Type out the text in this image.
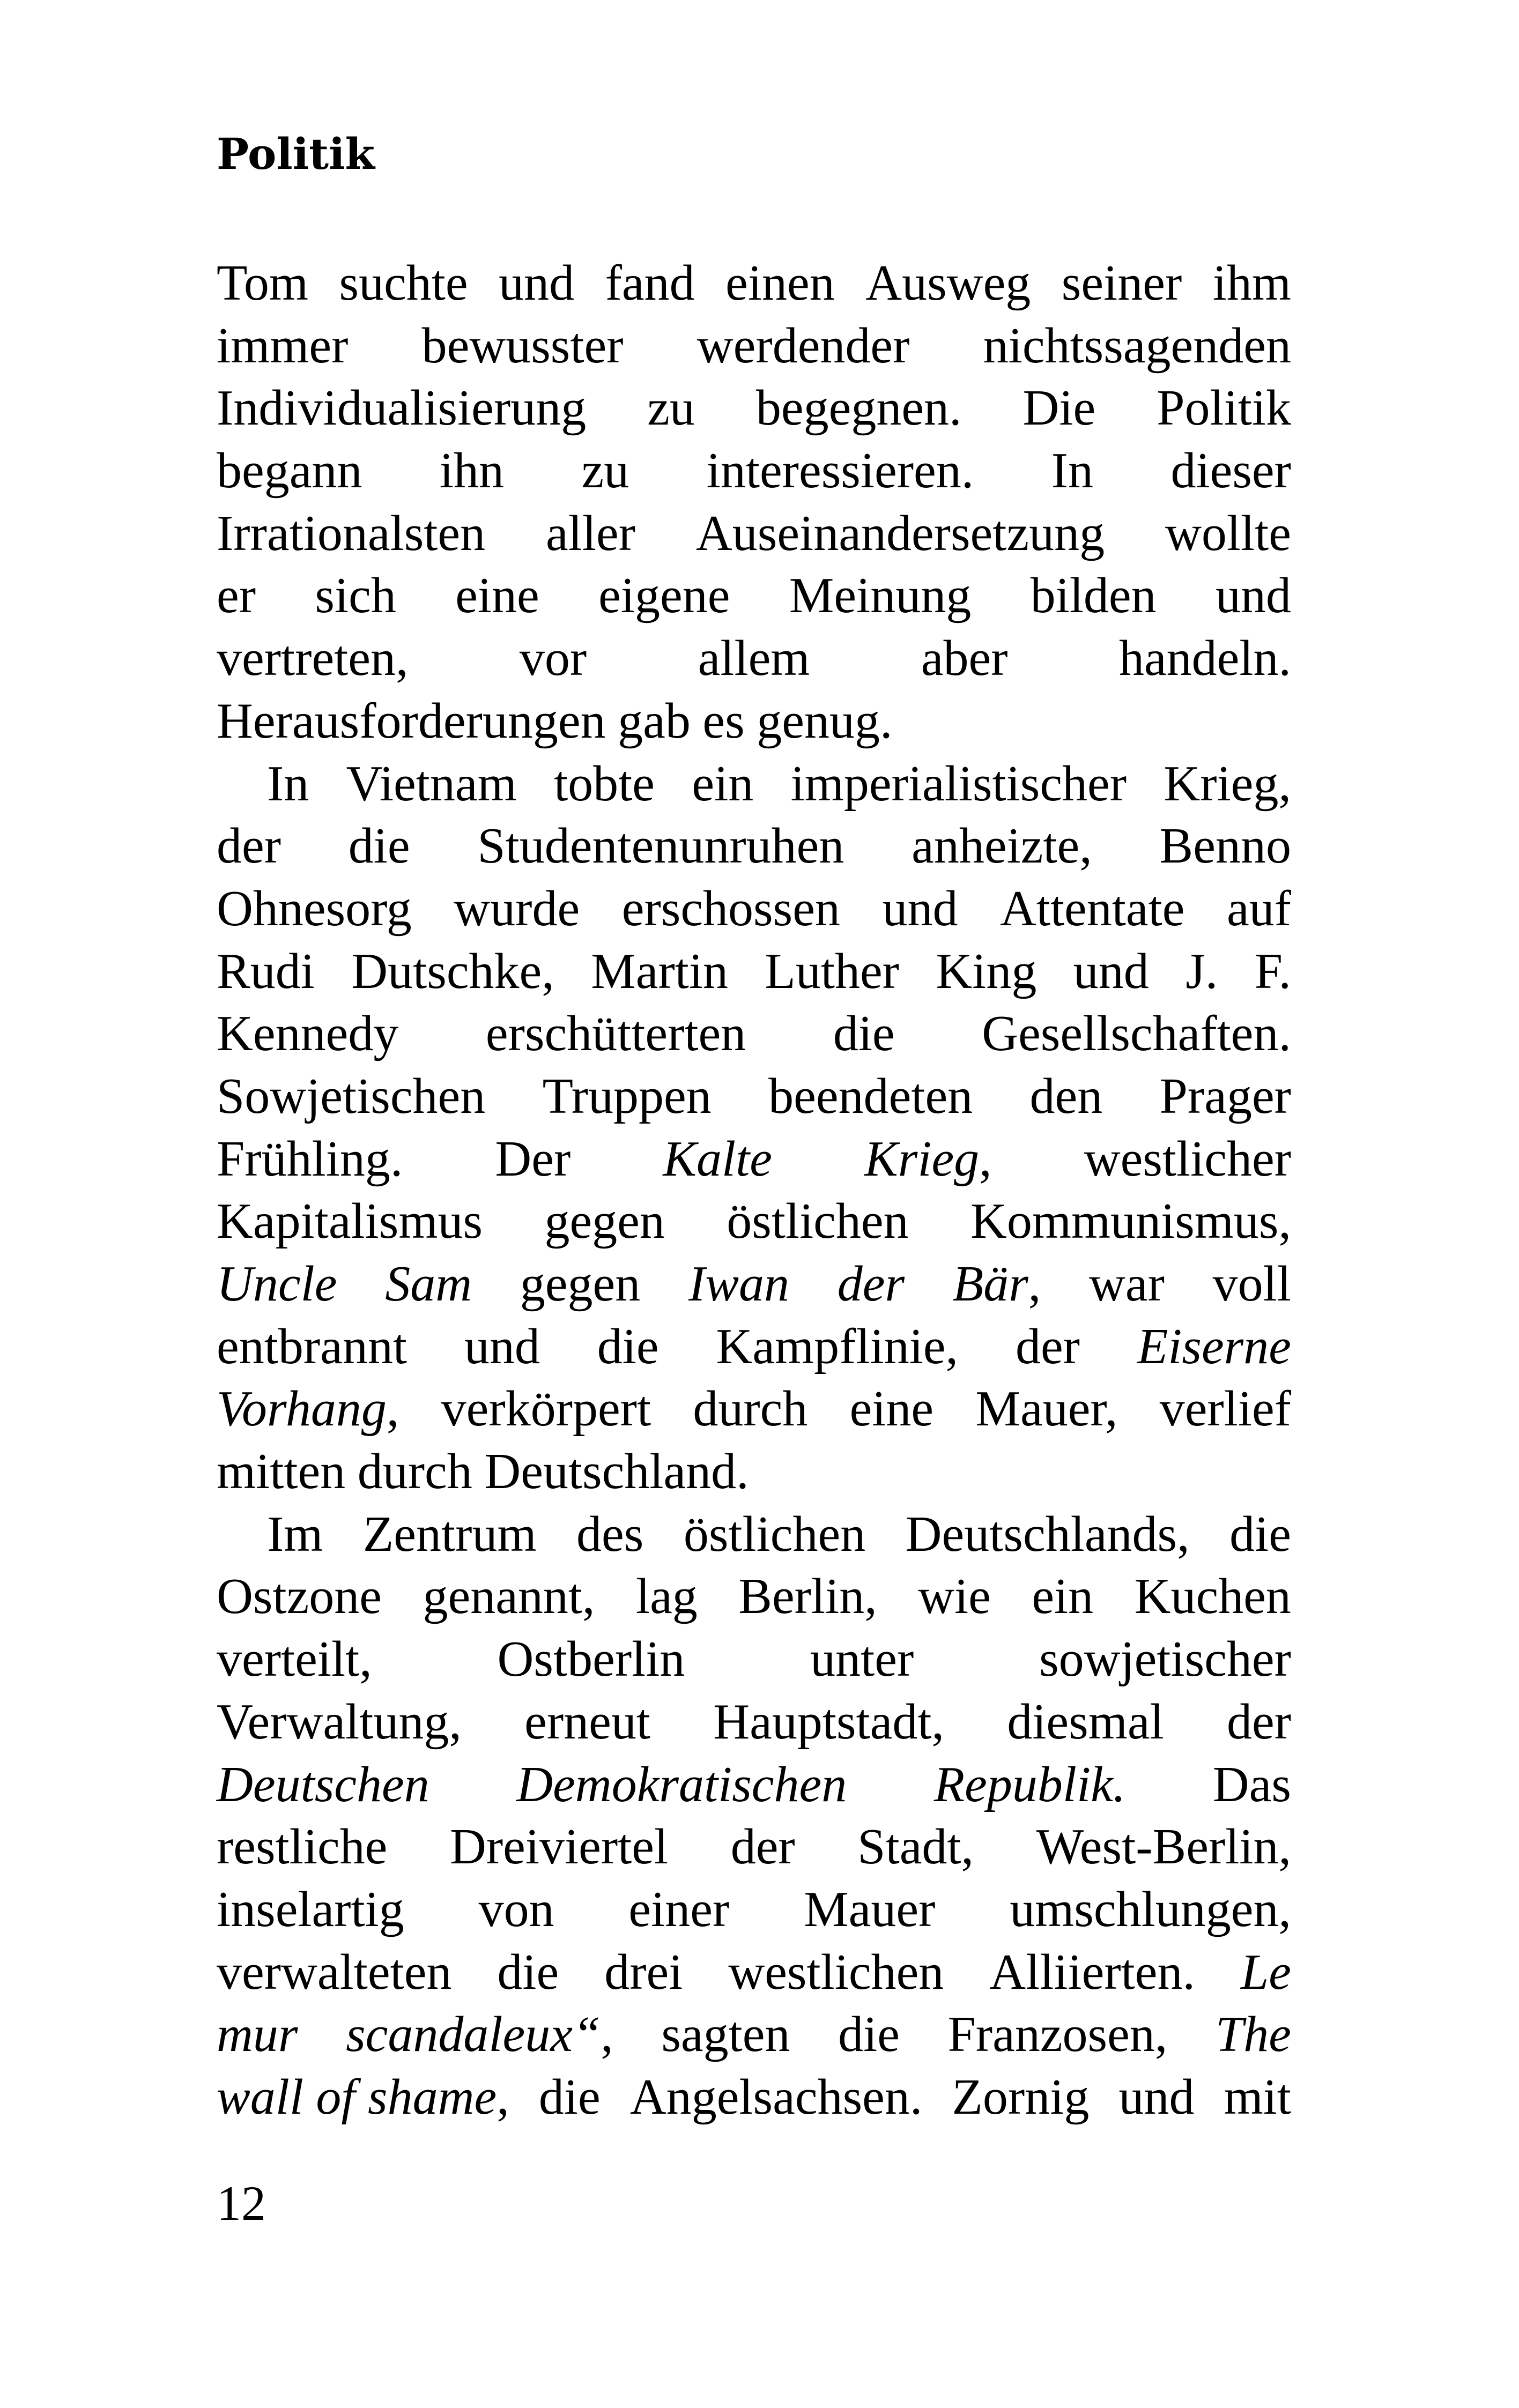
Politik
Tom suchte und fand einen Ausweg seiner ihm
immer bewusster werdender nichtssagenden
Individualisierung zu begegnen. Die Politik
begann ihn zu interessieren. In dieser
Irrationalsten aller Auseinandersetzung wollte
er sich eine eigene Meinung bilden und
vertreten, vor allem aber handeln.
Herausforderungen gab es genug.
In Vietnam tobte ein imperialistischer Krieg,
der die Studentenunruhen anheizte, Benno
Ohnesorg wurde erschossen und Attentate auf
Rudi Dutschke, Martin Luther King und J. F.
Kennedy erschütterten die Gesellschaften.
Sowjetischen Truppen beendeten den Prager
Frühling. Der Kalte Krieg, westlicher
Kapitalismus gegen östlichen Kommunismus,
Uncle Sam gegen Iwan der Bär, war voll
entbrannt und die Kampflinie, der Eiserne
Vorhang, verkörpert durch eine Mauer, verlief
mitten durch Deutschland.
Im Zentrum des östlichen Deutschlands, die
Ostzone genannt, lag Berlin, wie ein Kuchen
verteilt, Ostberlin unter sowjetischer
Verwaltung, erneut Hauptstadt, diesmal der
Deutschen Demokratischen Republik. Das
restliche Dreiviertel der Stadt, West-Berlin,
inselartig von einer Mauer umschlungen,
verwalteten die drei westlichen Alliierten. Le
mur scandaleux“, sagten die Franzosen, The
wall of shame, die Angelsachsen. Zornig und mit
12
